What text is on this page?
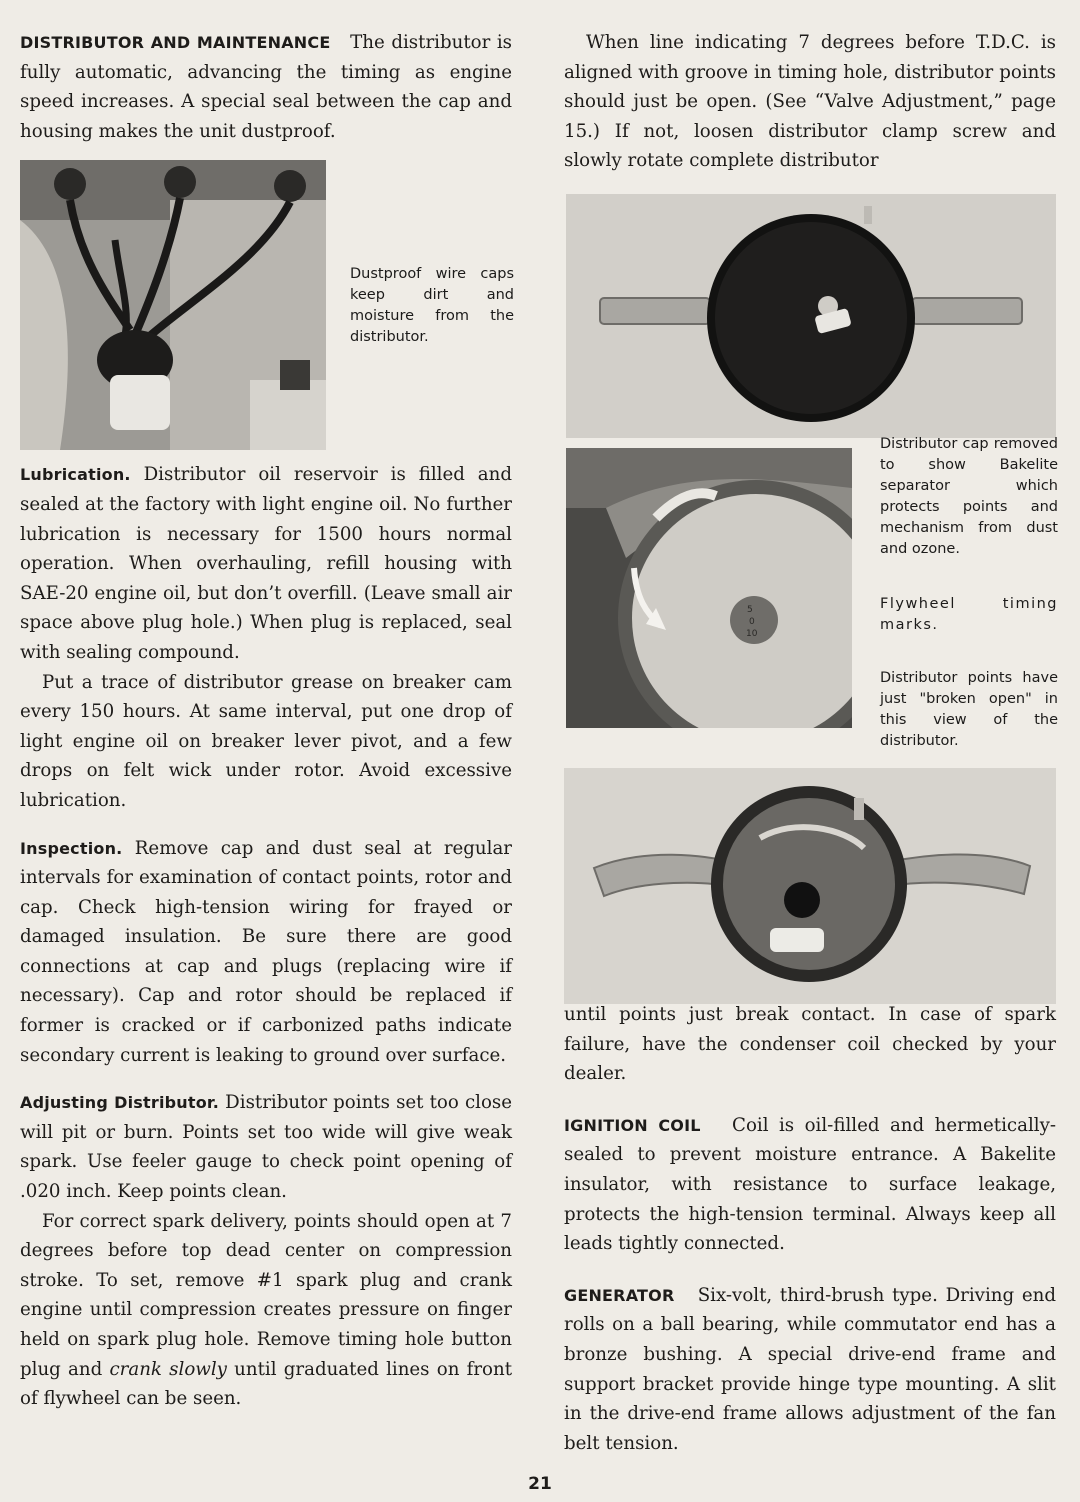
DISTRIBUTOR AND MAINTENANCE The distributor is fully automatic, advancing the timing as engine speed increases. A special seal between the cap and housing makes the unit dustproof.

Dustproof wire caps keep dirt and moisture from the distributor.

Lubrication. Distributor oil reservoir is filled and sealed at the factory with light engine oil. No further lubrication is necessary for 1500 hours normal operation. When overhauling, refill housing with SAE-20 engine oil, but don’t overfill. (Leave small air space above plug hole.) When plug is replaced, seal with sealing compound.

Put a trace of distributor grease on breaker cam every 150 hours. At same interval, put one drop of light engine oil on breaker lever pivot, and a few drops on felt wick under rotor. Avoid excessive lubrication.

Inspection. Remove cap and dust seal at regular intervals for examination of contact points, rotor and cap. Check high-tension wiring for frayed or damaged insulation. Be sure there are good connections at cap and plugs (replacing wire if necessary). Cap and rotor should be replaced if former is cracked or if carbonized paths indicate secondary current is leaking to ground over surface.

Adjusting Distributor. Distributor points set too close will pit or burn. Points set too wide will give weak spark. Use feeler gauge to check point opening of .020 inch. Keep points clean.

For correct spark delivery, points should open at 7 degrees before top dead center on compression stroke. To set, remove #1 spark plug and crank engine until compression creates pressure on finger held on spark plug hole. Remove timing hole button plug and crank slowly until graduated lines on front of flywheel can be seen.

When line indicating 7 degrees before T.D.C. is aligned with groove in timing hole, distributor points should just be open. (See “Valve Adjustment,” page 15.) If not, loosen distributor clamp screw and slowly rotate complete distributor

5
0
10
Distributor cap removed to show Bakelite separator which protects points and mechanism from dust and ozone.
Flywheel timing marks.
Distributor points have just "broken open" in this view of the distributor.

until points just break contact. In case of spark failure, have the condenser coil checked by your dealer.

IGNITION COIL Coil is oil-filled and hermetically-sealed to prevent moisture entrance. A Bakelite insulator, with resistance to surface leakage, protects the high-tension terminal. Always keep all leads tightly connected.

GENERATOR Six-volt, third-brush type. Driving end rolls on a ball bearing, while commutator end has a bronze bushing. A special drive-end frame and support bracket provide hinge type mounting. A slit in the drive-end frame allows adjustment of the fan belt tension.

21
